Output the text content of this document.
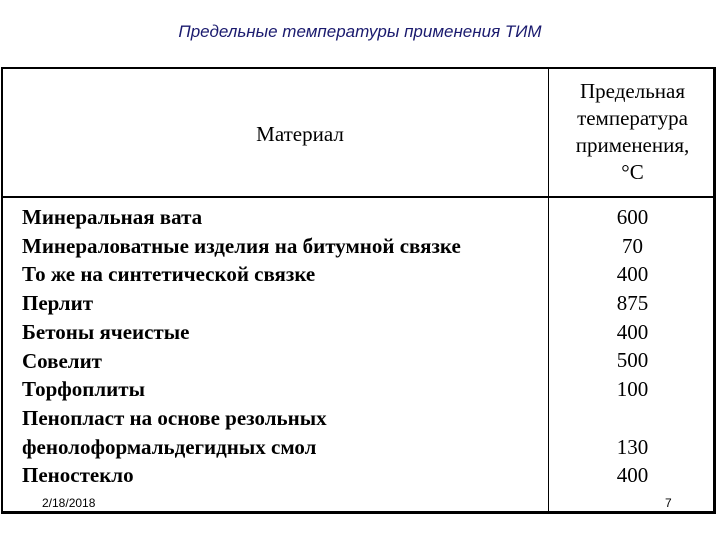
Предельные температуры применения ТИМ
Материал
Предельная
температура
применения,
°С
Минеральная вата
Минераловатные изделия на битумной связке
То же на синтетической связке
Перлит
Бетоны ячеистые
Совелит
Торфоплиты
Пенопласт на основе резольных
фенолоформальдегидных смол
Пеностекло
600
70
400
875
400
500
100
130
400
2/18/2018	7
